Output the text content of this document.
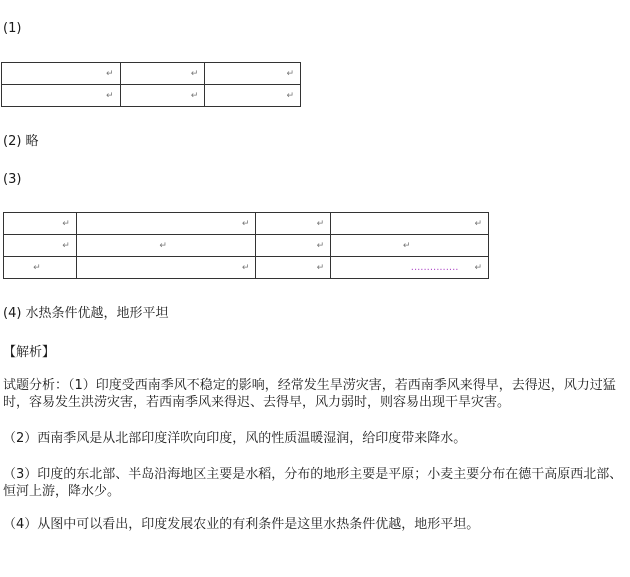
(1)
↵	↵	↵
↵	↵	↵
(2) 略
(3)
↵	↵	↵	↵
↵	↵	↵	↵
↵	↵	↵	............... ↵
(4) 水热条件优越，地形平坦
【解析】
试题分析：（1）印度受西南季风不稳定的影响，经常发生旱涝灾害，若西南季风来得早，去得迟，风力过猛时，容易发生洪涝灾害，若西南季风来得迟、去得早，风力弱时，则容易出现干旱灾害。
（2）西南季风是从北部印度洋吹向印度，风的性质温暖湿润，给印度带来降水。
（3）印度的东北部、半岛沿海地区主要是水稻，分布的地形主要是平原；小麦主要分布在德干高原西北部、恒河上游，降水少。
（4）从图中可以看出，印度发展农业的有利条件是这里水热条件优越，地形平坦。
